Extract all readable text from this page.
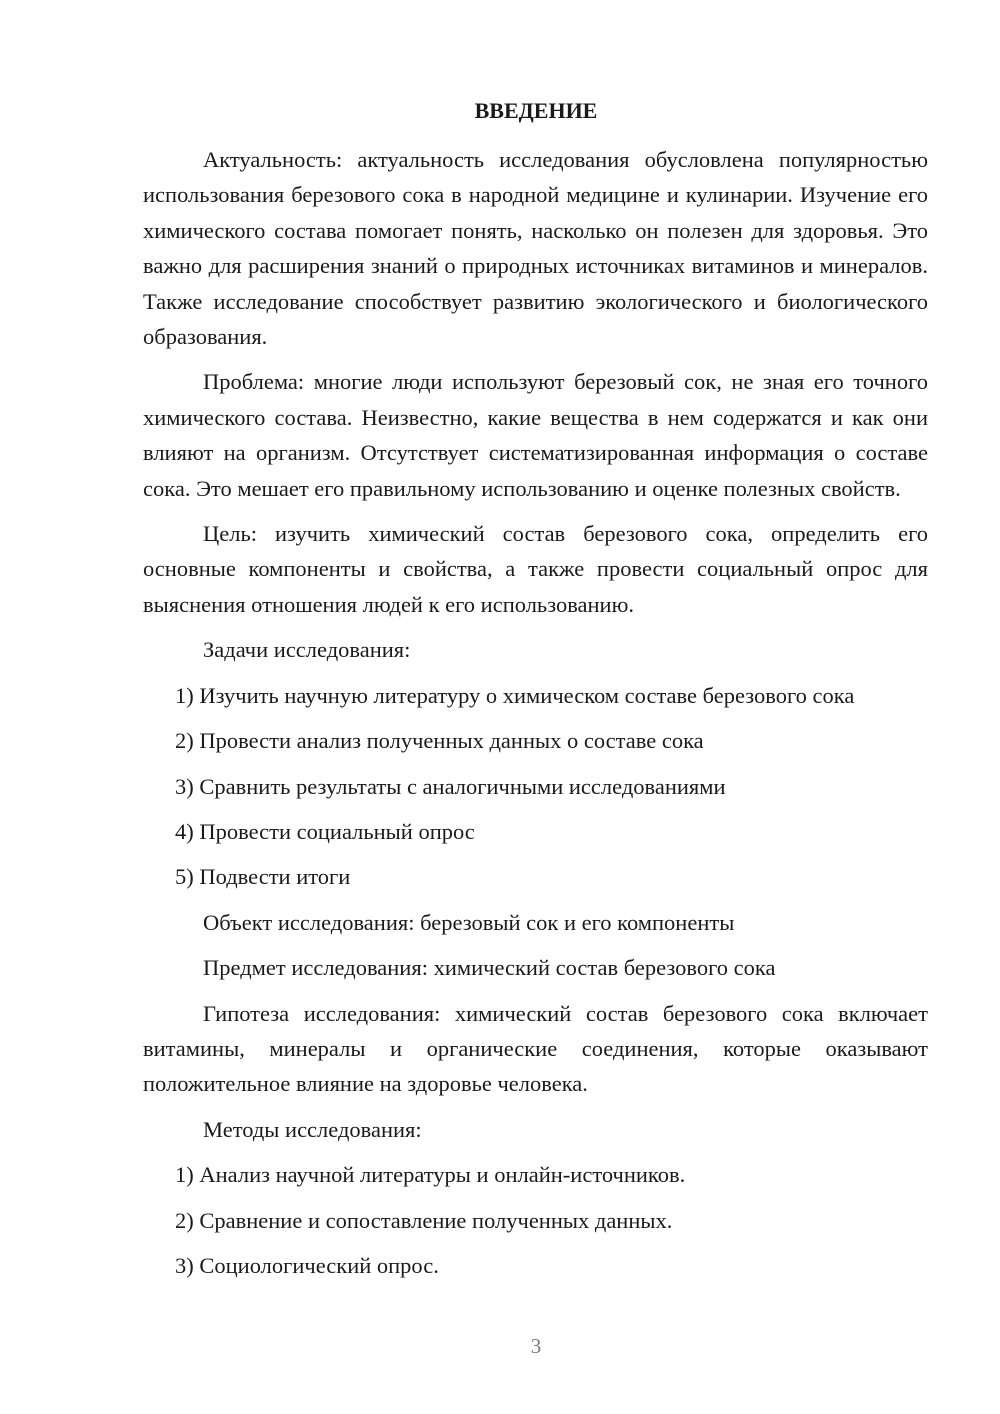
ВВЕДЕНИЕ

Актуальность: актуальность исследования обусловлена популярностью использования березового сока в народной медицине и кулинарии. Изучение его химического состава помогает понять, насколько он полезен для здоровья. Это важно для расширения знаний о природных источниках витаминов и минералов. Также исследование способствует развитию экологического и биологического образования.

Проблема: многие люди используют березовый сок, не зная его точного химического состава. Неизвестно, какие вещества в нем содержатся и как они влияют на организм. Отсутствует систематизированная информация о составе сока. Это мешает его правильному использованию и оценке полезных свойств.

Цель: изучить химический состав березового сока, определить его основные компоненты и свойства, а также провести социальный опрос для выяснения отношения людей к его использованию.

Задачи исследования:

1) Изучить научную литературу о химическом составе березового сока

2) Провести анализ полученных данных о составе сока

3) Сравнить результаты с аналогичными исследованиями

4) Провести социальный опрос

5) Подвести итоги

Объект исследования: березовый сок и его компоненты

Предмет исследования: химический состав березового сока

Гипотеза исследования: химический состав березового сока включает витамины, минералы и органические соединения, которые оказывают положительное влияние на здоровье человека.

Методы исследования:

1) Анализ научной литературы и онлайн-источников.

2) Сравнение и сопоставление полученных данных.

3) Социологический опрос.

3
